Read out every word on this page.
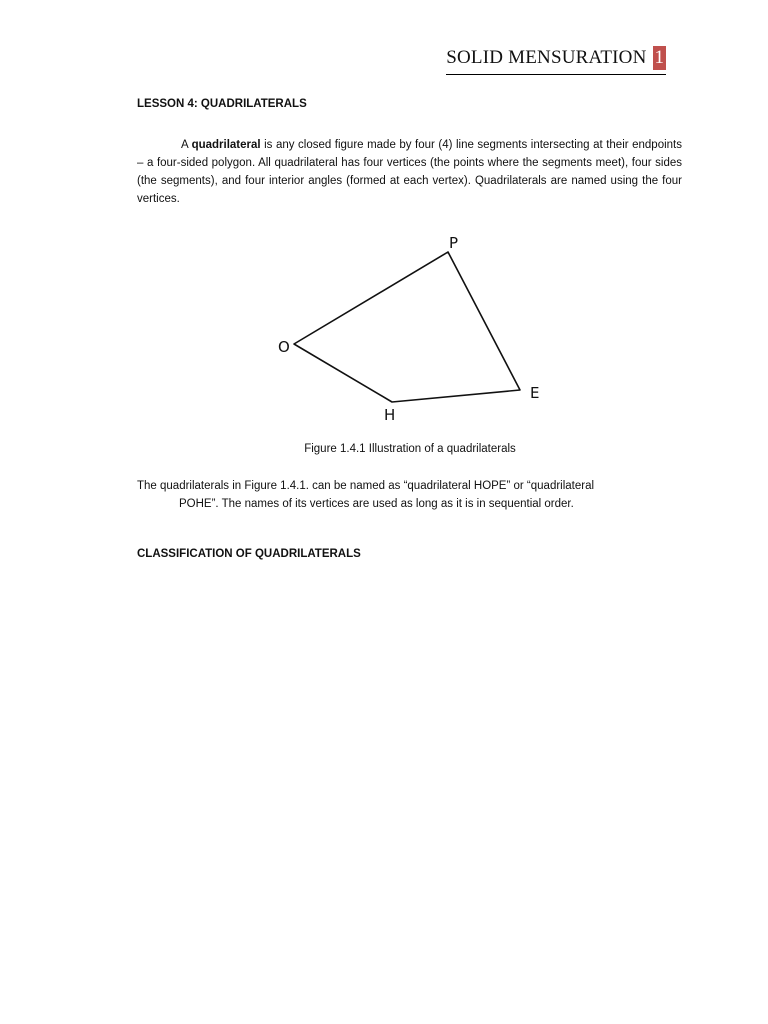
SOLID MENSURATION 1
LESSON 4: QUADRILATERALS

A quadrilateral is any closed figure made by four (4) line segments intersecting at their endpoints – a four-sided polygon. All quadrilateral has four vertices (the points where the segments meet), four sides (the segments), and four interior angles (formed at each vertex). Quadrilaterals are named using the four vertices.

P
O
H
E
Figure 1.4.1 Illustration of a quadrilaterals

The quadrilaterals in Figure 1.4.1. can be named as “quadrilateral HOPE” or “quadrilateral
POHE”. The names of its vertices are used as long as it is in sequential order.

CLASSIFICATION OF QUADRILATERALS
